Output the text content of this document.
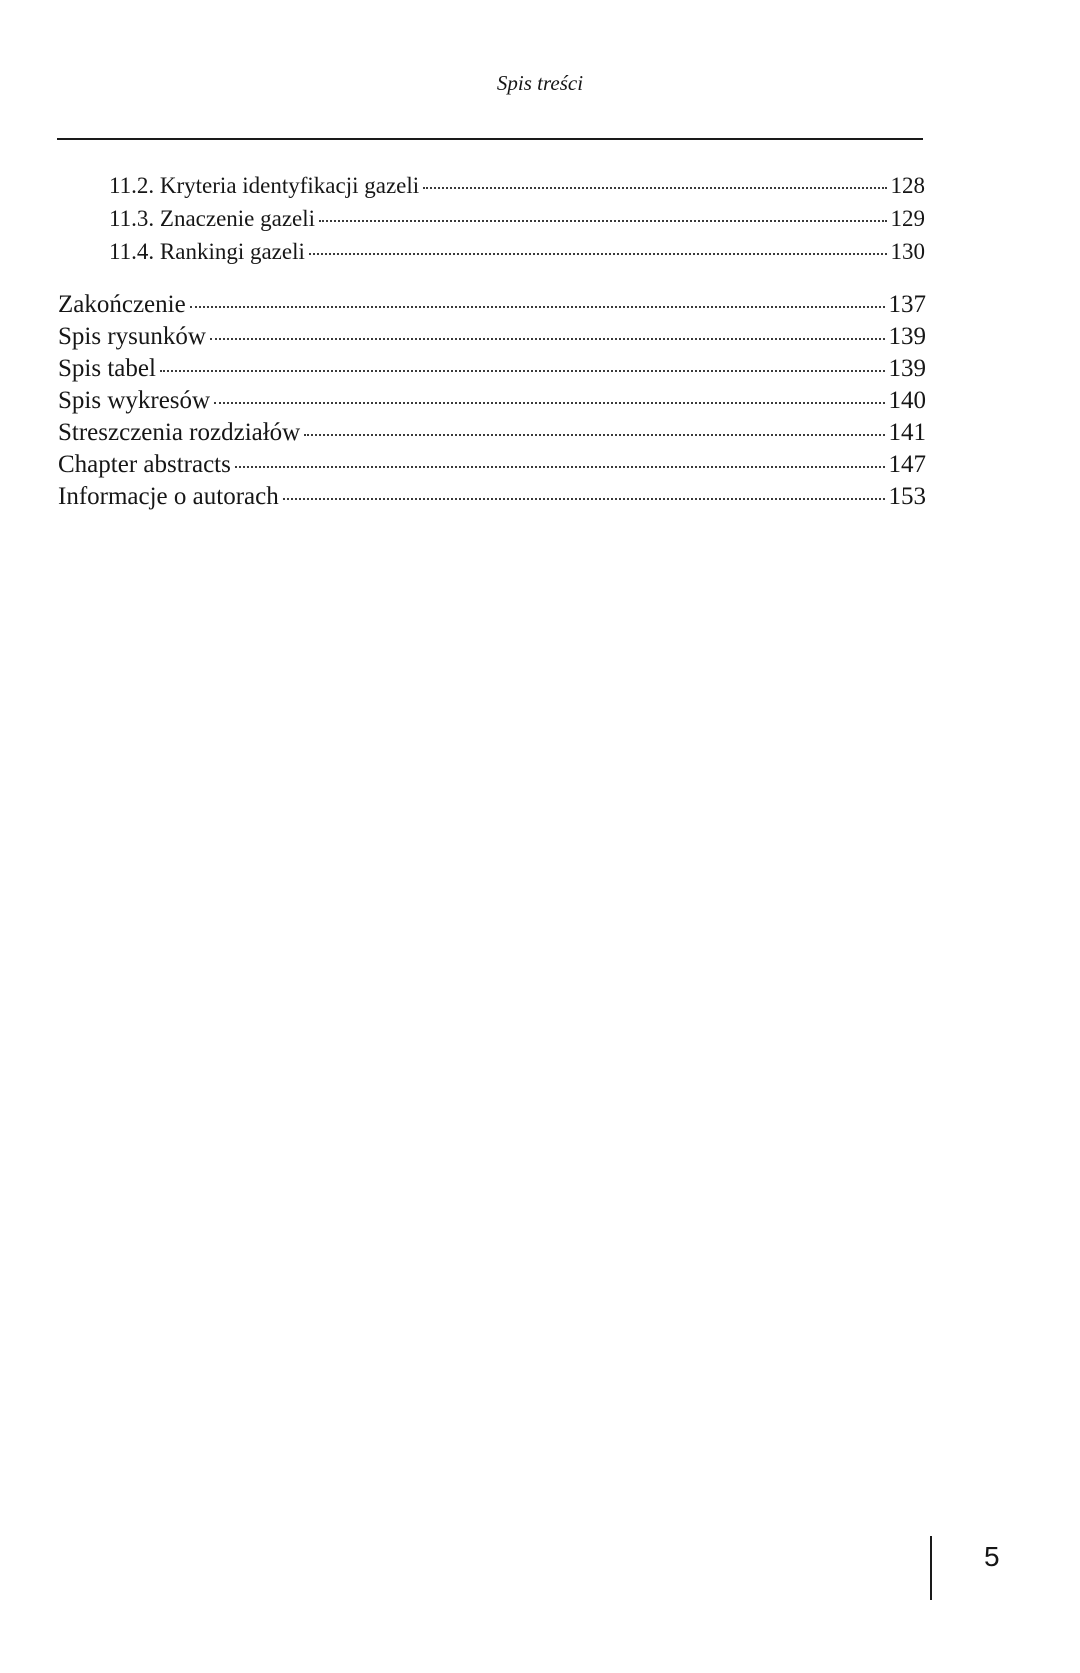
Spis treści
11.2. Kryteria identyfikacji gazeli	128
11.3. Znaczenie gazeli	129
11.4. Rankingi gazeli	130
Zakończenie	137
Spis rysunków	139
Spis tabel	139
Spis wykresów	140
Streszczenia rozdziałów	141
Chapter abstracts	147
Informacje o autorach	153
5
